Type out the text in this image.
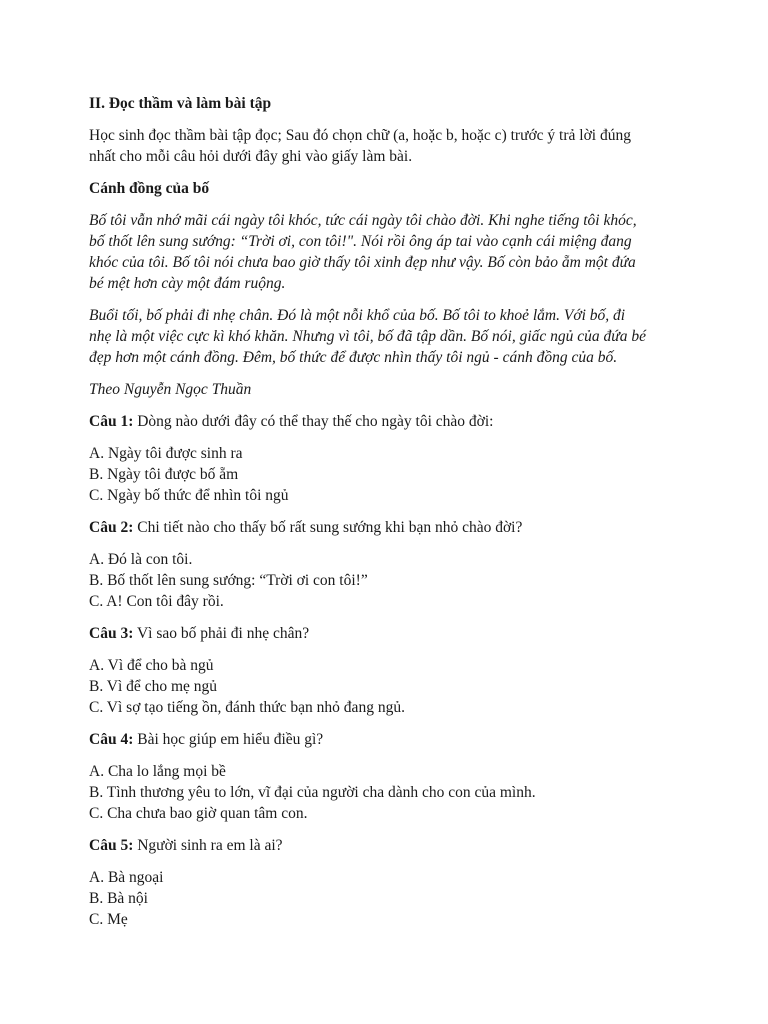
II. Đọc thầm và làm bài tập
Học sinh đọc thầm bài tập đọc; Sau đó chọn chữ (a, hoặc b, hoặc c) trước ý trả lời đúng
nhất cho mỗi câu hỏi dưới đây ghi vào giấy làm bài.
Cánh đồng của bố
Bố tôi vẫn nhớ mãi cái ngày tôi khóc, tức cái ngày tôi chào đời. Khi nghe tiếng tôi khóc,
bố thốt lên sung sướng: “Trời ơi, con tôi!". Nói rồi ông áp tai vào cạnh cái miệng đang
khóc của tôi. Bố tôi nói chưa bao giờ thấy tôi xinh đẹp như vậy. Bố còn bảo ẵm một đứa
bé mệt hơn cày một đám ruộng.
Buổi tối, bố phải đi nhẹ chân. Đó là một nỗi khổ của bố. Bố tôi to khoẻ lắm. Với bố, đi
nhẹ là một việc cực kì khó khăn. Nhưng vì tôi, bố đã tập dần. Bố nói, giấc ngủ của đứa bé
đẹp hơn một cánh đồng. Đêm, bố thức để được nhìn thấy tôi ngủ - cánh đồng của bố.
Theo Nguyễn Ngọc Thuần
Câu 1: Dòng nào dưới đây có thể thay thế cho ngày tôi chào đời:
A. Ngày tôi được sinh ra
B. Ngày tôi được bố ẵm
C. Ngày bố thức để nhìn tôi ngủ
Câu 2: Chi tiết nào cho thấy bố rất sung sướng khi bạn nhỏ chào đời?
A. Đó là con tôi.
B. Bố thốt lên sung sướng: “Trời ơi con tôi!”
C. A! Con tôi đây rồi.
Câu 3: Vì sao bố phải đi nhẹ chân?
A. Vì để cho bà ngủ
B. Vì để cho mẹ ngủ
C. Vì sợ tạo tiếng ồn, đánh thức bạn nhỏ đang ngủ.
Câu 4: Bài học giúp em hiểu điều gì?
A. Cha lo lắng mọi bề
B. Tình thương yêu to lớn, vĩ đại của người cha dành cho con của mình.
C. Cha chưa bao giờ quan tâm con.
Câu 5: Người sinh ra em là ai?
A. Bà ngoại
B. Bà nội
C. Mẹ
